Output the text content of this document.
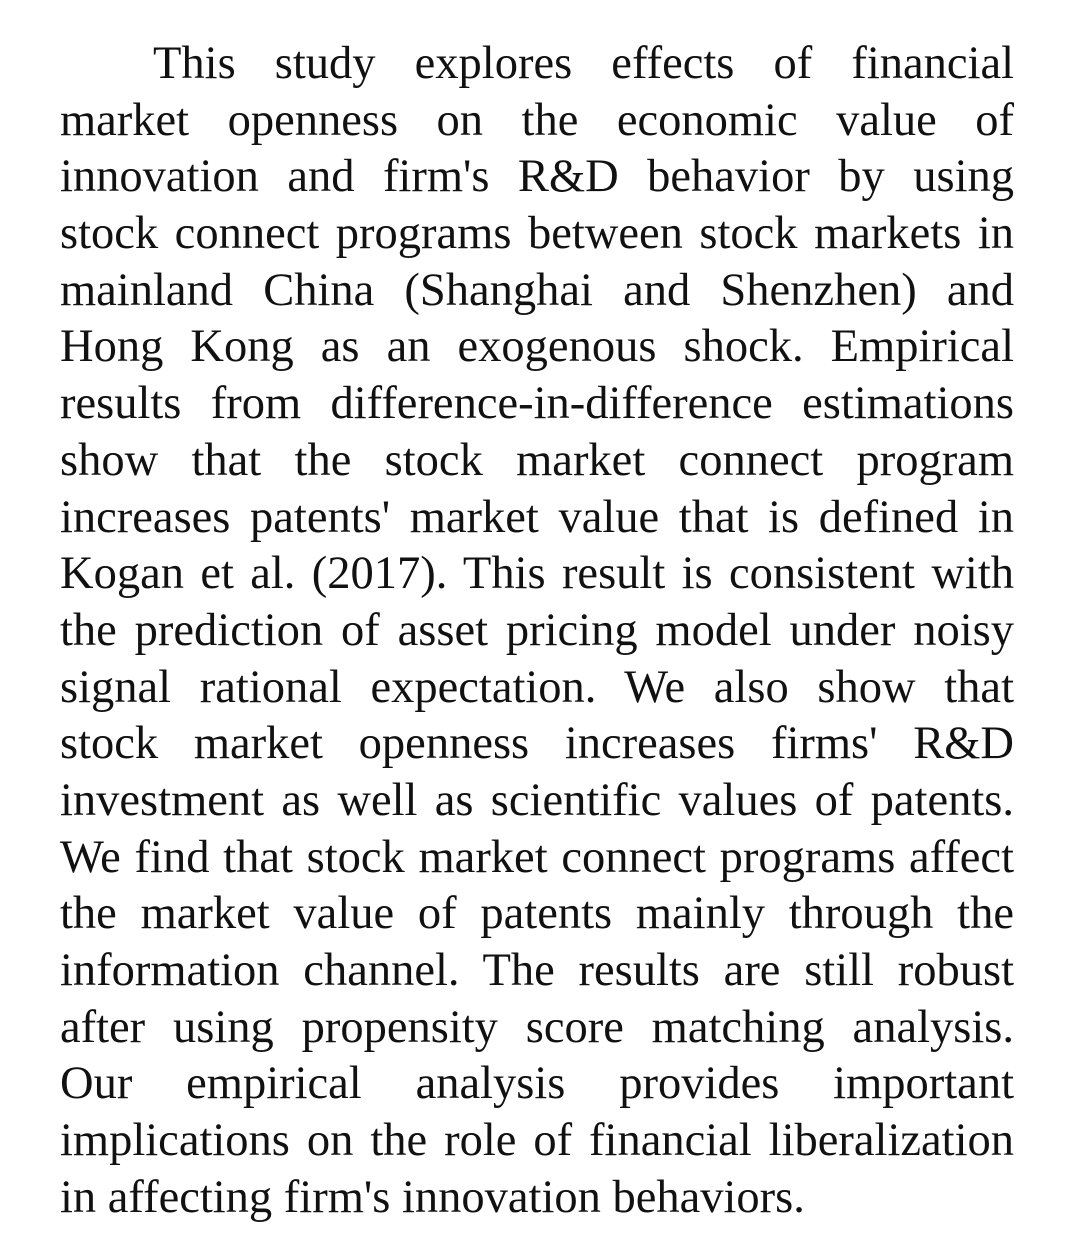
This study explores effects of financial
market openness on the economic value of
innovation and firm's R&D behavior by using
stock connect programs between stock markets in
mainland China (Shanghai and Shenzhen) and
Hong Kong as an exogenous shock. Empirical
results from difference-in-difference estimations
show that the stock market connect program
increases patents' market value that is defined in
Kogan et al. (2017). This result is consistent with
the prediction of asset pricing model under noisy
signal rational expectation. We also show that
stock market openness increases firms' R&D
investment as well as scientific values of patents.
We find that stock market connect programs affect
the market value of patents mainly through the
information channel. The results are still robust
after using propensity score matching analysis.
Our empirical analysis provides important
implications on the role of financial liberalization
in affecting firm's innovation behaviors.
